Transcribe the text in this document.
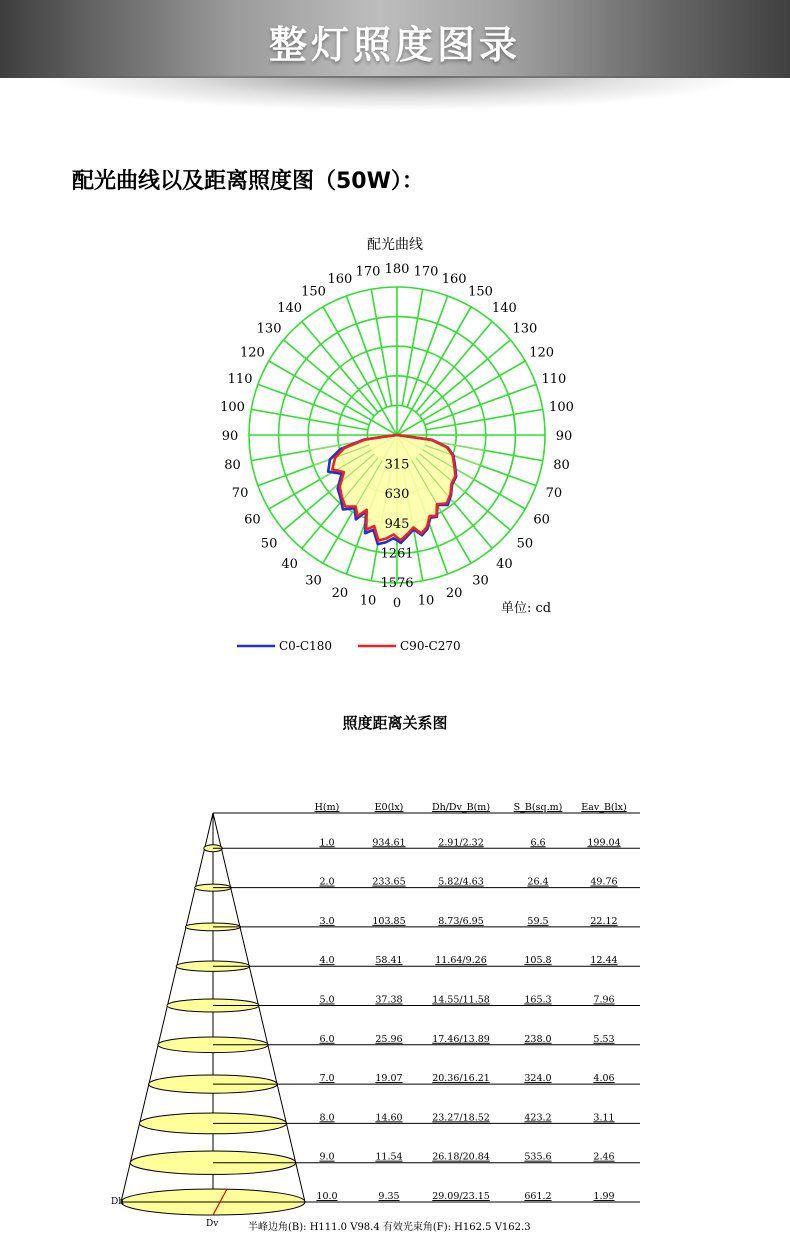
整灯照度图录
配光曲线以及距离照度图（50W）：
配光曲线
单位: cd
0 10
10
20
20
30
30
40
40
50
50
60
60
70
70
80
80
90
90
100
100
110
110
120
120
130
130
140
140
150
150
160
160
170
170 180
315
630
945
1261
1576
C0-C180	C90-C270
照度距离关系图
H(m)	E0(lx)	Dh/Dv_B(m) S_B(sq.m) Eav_B(lx)
1.0	934.61	2.91/2.32	6.6	199.04
2.0	233.65	5.82/4.63	26.4	49.76
3.0	103.85	8.73/6.95	59.5	22.12
4.0	58.41	11.64/9.26	105.8	12.44
5.0	37.38	14.55/11.58	165.3	7.96
6.0	25.96	17.46/13.89	238.0	5.53
7.0	19.07	20.36/16.21	324.0	4.06
8.0	14.60	23.27/18.52	423.2	3.11
9.0	11.54	26.18/20.84	535.6	2.46
10.0	9.35	29.09/23.15	661.2	1.99
Dh
Dv	半峰边角(B): H111.0 V98.4 有效光束角(F): H162.5 V162.3
